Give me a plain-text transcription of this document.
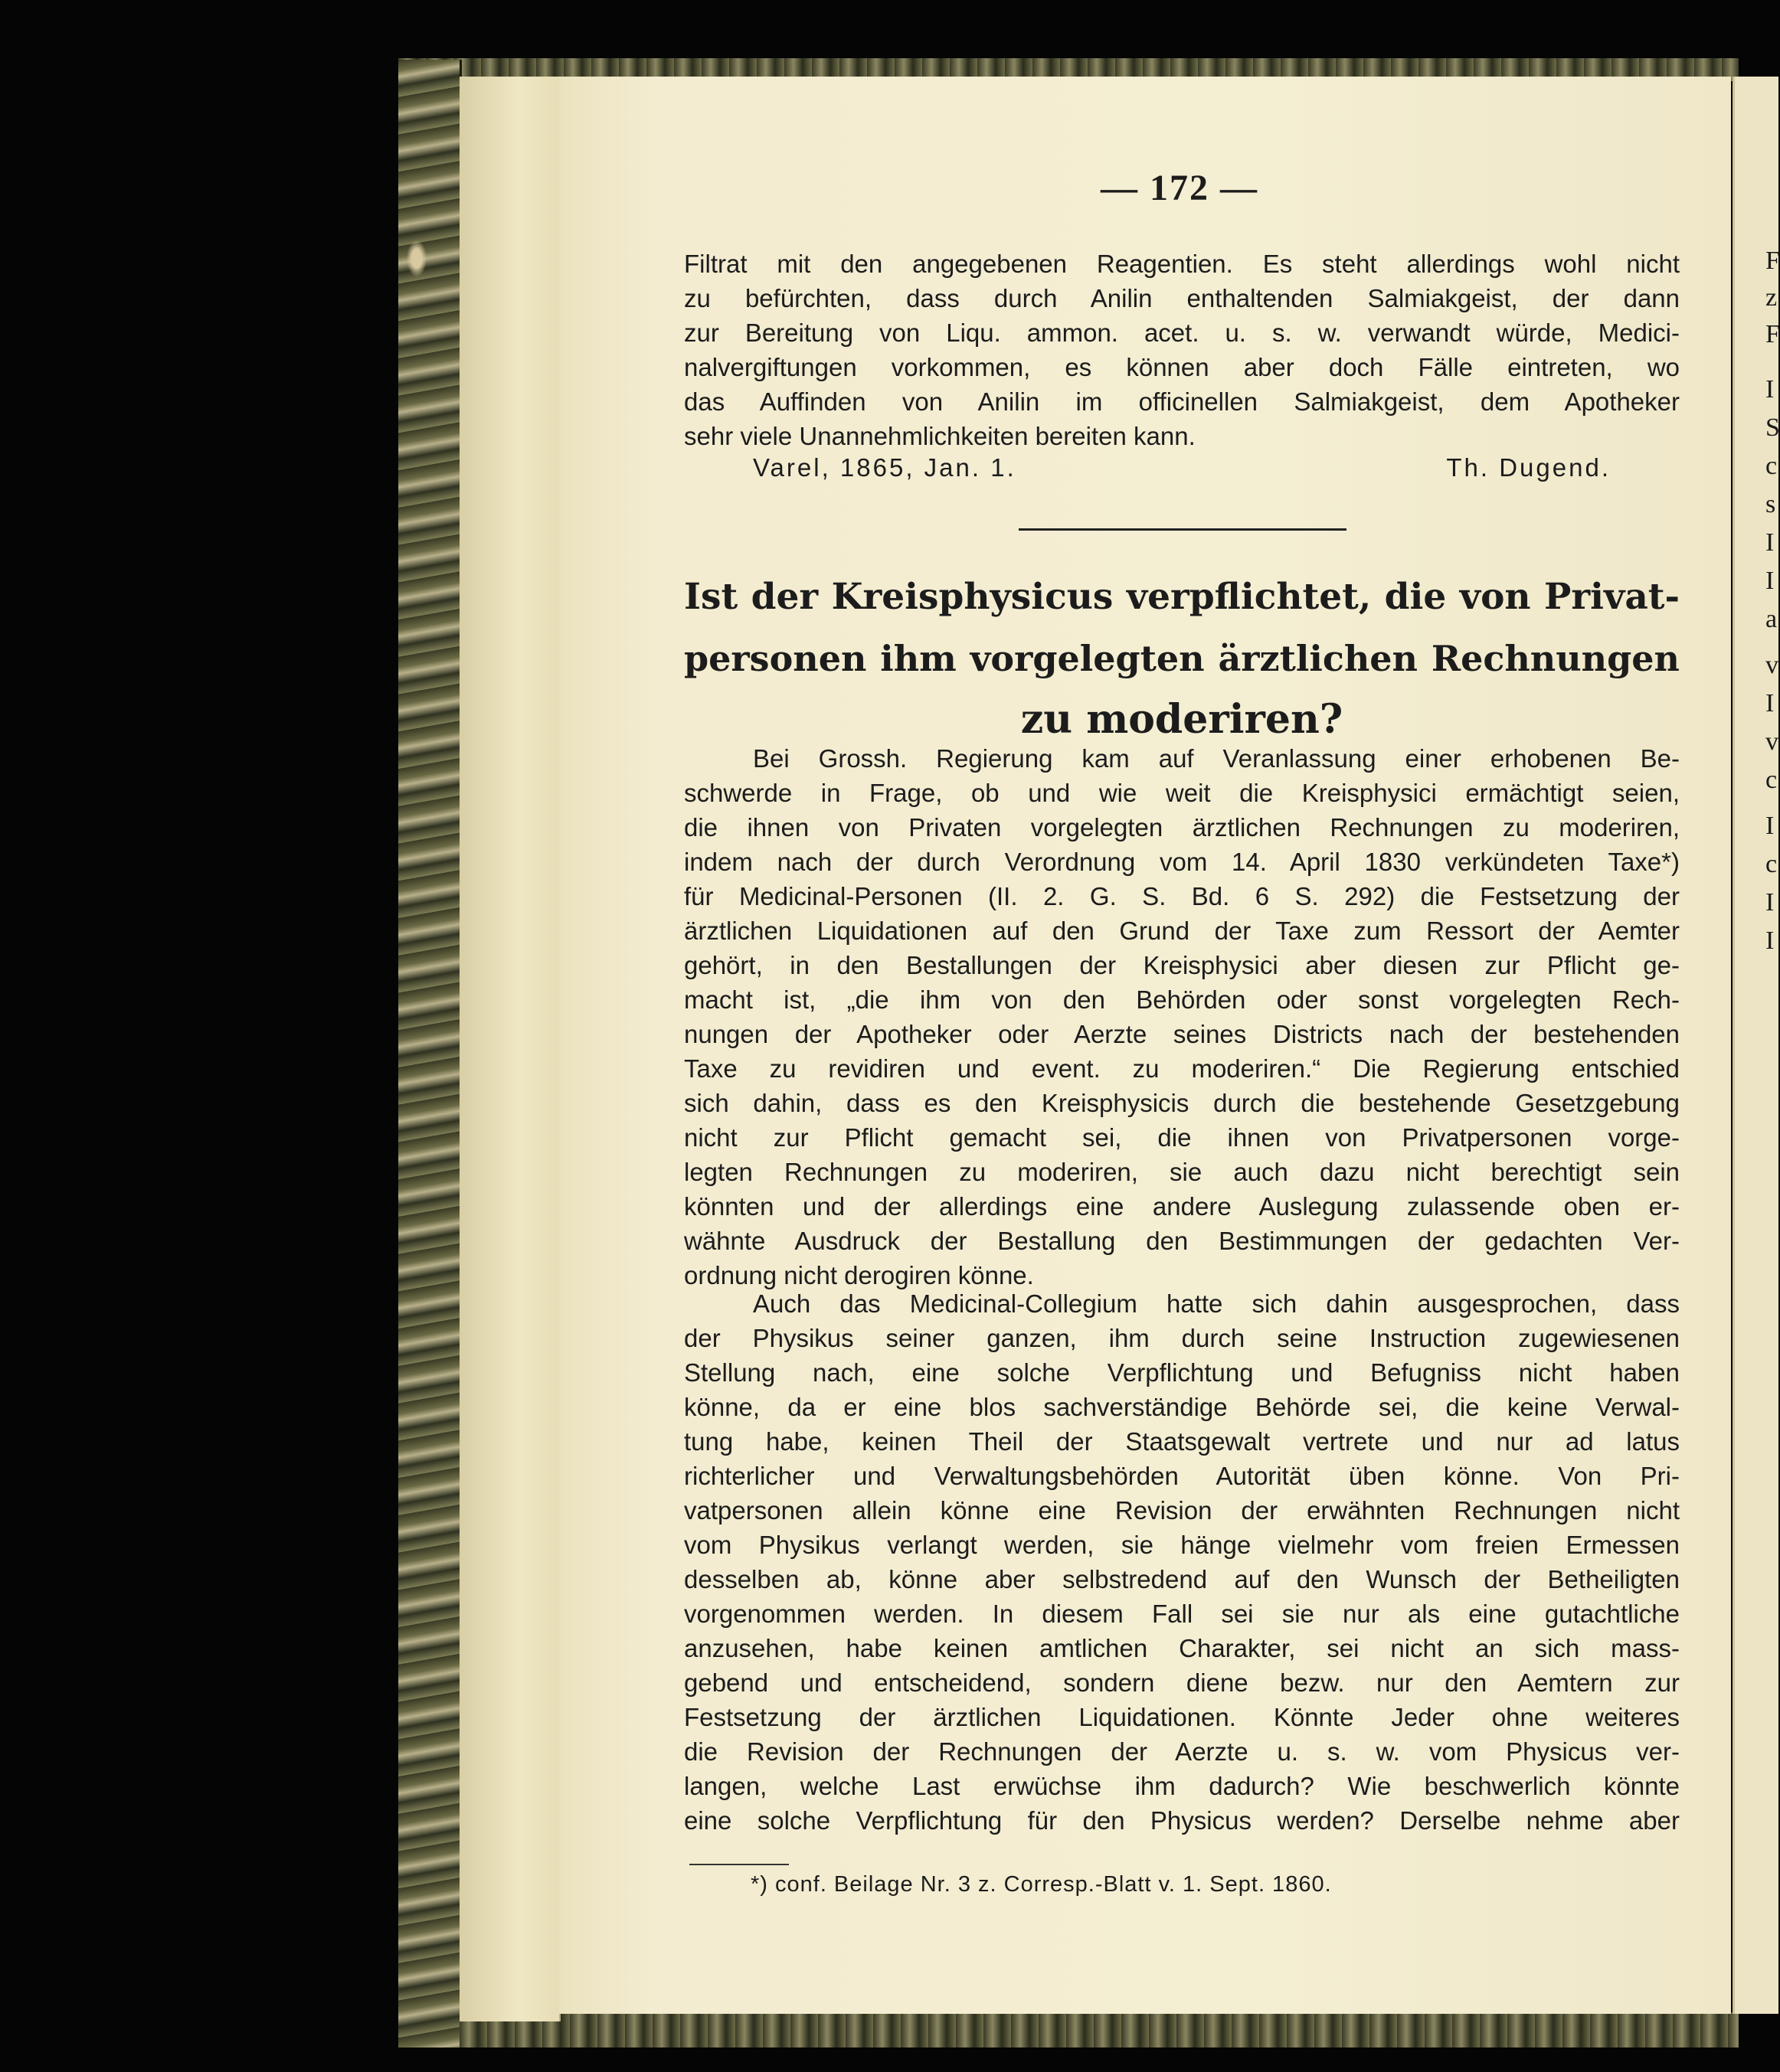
F
z
F
I
S
c
s
I
I
a
v
I
v
c
I
c
I
I
— 172 —
Filtrat mit den angegebenen Reagentien. Es steht allerdings wohl nicht
zu befürchten, dass durch Anilin enthaltenden Salmiakgeist, der dann
zur Bereitung von Liqu. ammon. acet. u. s. w. verwandt würde, Medici-
nalvergiftungen vorkommen, es können aber doch Fälle eintreten, wo
das Auffinden von Anilin im officinellen Salmiakgeist, dem Apotheker
sehr viele Unannehmlichkeiten bereiten kann.
Varel, 1865, Jan. 1.	Th. Dugend.
Ist der Kreisphysicus verpflichtet, die von Privat-
personen ihm vorgelegten ärztlichen Rechnungen
zu moderiren?
Bei Grossh. Regierung kam auf Veranlassung einer erhobenen Be-
schwerde in Frage, ob und wie weit die Kreisphysici ermächtigt seien,
die ihnen von Privaten vorgelegten ärztlichen Rechnungen zu moderiren,
indem nach der durch Verordnung vom 14. April 1830 verkündeten Taxe*)
für Medicinal-Personen (II. 2. G. S. Bd. 6 S. 292) die Festsetzung der
ärztlichen Liquidationen auf den Grund der Taxe zum Ressort der Aemter
gehört, in den Bestallungen der Kreisphysici aber diesen zur Pflicht ge-
macht ist, „die ihm von den Behörden oder sonst vorgelegten Rech-
nungen der Apotheker oder Aerzte seines Districts nach der bestehenden
Taxe zu revidiren und event. zu moderiren.“ Die Regierung entschied
sich dahin, dass es den Kreisphysicis durch die bestehende Gesetzgebung
nicht zur Pflicht gemacht sei, die ihnen von Privatpersonen vorge-
legten Rechnungen zu moderiren, sie auch dazu nicht berechtigt sein
könnten und der allerdings eine andere Auslegung zulassende oben er-
wähnte Ausdruck der Bestallung den Bestimmungen der gedachten Ver-
ordnung nicht derogiren könne.
Auch das Medicinal-Collegium hatte sich dahin ausgesprochen, dass
der Physikus seiner ganzen, ihm durch seine Instruction zugewiesenen
Stellung nach, eine solche Verpflichtung und Befugniss nicht haben
könne, da er eine blos sachverständige Behörde sei, die keine Verwal-
tung habe, keinen Theil der Staatsgewalt vertrete und nur ad latus
richterlicher und Verwaltungsbehörden Autorität üben könne. Von Pri-
vatpersonen allein könne eine Revision der erwähnten Rechnungen nicht
vom Physikus verlangt werden, sie hänge vielmehr vom freien Ermessen
desselben ab, könne aber selbstredend auf den Wunsch der Betheiligten
vorgenommen werden. In diesem Fall sei sie nur als eine gutachtliche
anzusehen, habe keinen amtlichen Charakter, sei nicht an sich mass-
gebend und entscheidend, sondern diene bezw. nur den Aemtern zur
Festsetzung der ärztlichen Liquidationen. Könnte Jeder ohne weiteres
die Revision der Rechnungen der Aerzte u. s. w. vom Physicus ver-
langen, welche Last erwüchse ihm dadurch? Wie beschwerlich könnte
eine solche Verpflichtung für den Physicus werden? Derselbe nehme aber
*) conf. Beilage Nr. 3 z. Corresp.-Blatt v. 1. Sept. 1860.
